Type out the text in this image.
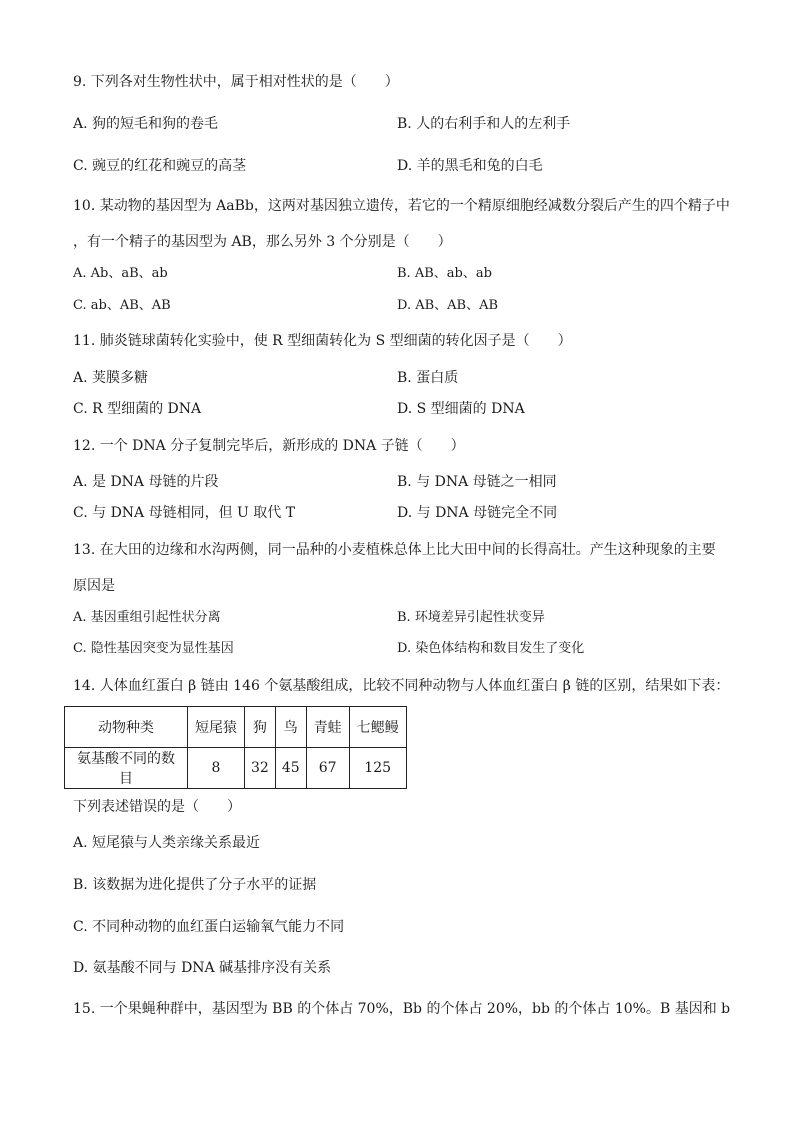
9. 下列各对生物性状中，属于相对性状的是（　　）
A. 狗的短毛和狗的卷毛	B. 人的右利手和人的左利手
C. 豌豆的红花和豌豆的高茎	D. 羊的黑毛和兔的白毛
10. 某动物的基因型为 AaBb，这两对基因独立遗传，若它的一个精原细胞经减数分裂后产生的四个精子中
，有一个精子的基因型为 AB，那么另外 3 个分别是（　　）
A. Ab、aB、ab	B. AB、ab、ab
C. ab、AB、AB	D. AB、AB、AB
11. 肺炎链球菌转化实验中，使 R 型细菌转化为 S 型细菌的转化因子是（　　）
A. 荚膜多糖	B. 蛋白质
C. R 型细菌的 DNA	D. S 型细菌的 DNA
12. 一个 DNA 分子复制完毕后，新形成的 DNA 子链（　　）
A. 是 DNA 母链的片段	B. 与 DNA 母链之一相同
C. 与 DNA 母链相同，但 U 取代 T	D. 与 DNA 母链完全不同
13. 在大田的边缘和水沟两侧，同一品种的小麦植株总体上比大田中间的长得高壮。产生这种现象的主要
原因是
A. 基因重组引起性状分离	B. 环境差异引起性状变异
C. 隐性基因突变为显性基因	D. 染色体结构和数目发生了变化
14. 人体血红蛋白 β 链由 146 个氨基酸组成，比较不同种动物与人体血红蛋白 β 链的区别，结果如下表：
动物种类	短尾猿	狗	鸟	青蛙	七鳃鳗
氨基酸不同的数目	8	32	45	67	125
下列表述错误的是（　　）
A. 短尾猿与人类亲缘关系最近
B. 该数据为进化提供了分子水平的证据
C. 不同种动物的血红蛋白运输氧气能力不同
D. 氨基酸不同与 DNA 碱基排序没有关系
15. 一个果蝇种群中，基因型为 BB 的个体占 70%，Bb 的个体占 20%，bb 的个体占 10%。B 基因和 b
